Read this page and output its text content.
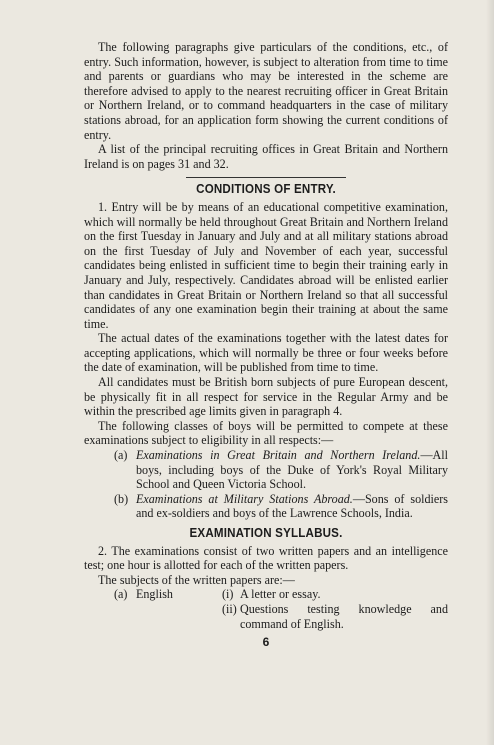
The following paragraphs give particulars of the conditions, etc., of entry. Such information, however, is subject to alteration from time to time and parents or guardians who may be interested in the scheme are therefore advised to apply to the nearest recruiting officer in Great Britain or Northern Ireland, or to command headquarters in the case of military stations abroad, for an application form showing the current conditions of entry.

A list of the principal recruiting offices in Great Britain and Northern Ireland is on pages 31 and 32.

CONDITIONS OF ENTRY.

1. Entry will be by means of an educational competitive examination, which will normally be held throughout Great Britain and Northern Ireland on the first Tuesday in January and July and at all military stations abroad on the first Tuesday of July and November of each year, successful candidates being enlisted in sufficient time to begin their training early in January and July, respectively. Candidates abroad will be enlisted earlier than candidates in Great Britain or Northern Ireland so that all successful candidates of any one examination begin their training at about the same time.

The actual dates of the examinations together with the latest dates for accepting applications, which will normally be three or four weeks before the date of examination, will be published from time to time.

All candidates must be British born subjects of pure European descent, be physically fit in all respect for service in the Regular Army and be within the prescribed age limits given in paragraph 4.

The following classes of boys will be permitted to compete at these examinations subject to eligibility in all respects:—

(a) Examinations in Great Britain and Northern Ireland.—All boys, including boys of the Duke of York's Royal Military School and Queen Victoria School.
(b) Examinations at Military Stations Abroad.—Sons of soldiers and ex-soldiers and boys of the Lawrence Schools, India.
EXAMINATION SYLLABUS.

2. The examinations consist of two written papers and an intelligence test; one hour is allotted for each of the written papers.

The subjects of the written papers are:—

(a) English	(i) A letter or essay.
(ii) Questions testing knowledge and command of English.
6
